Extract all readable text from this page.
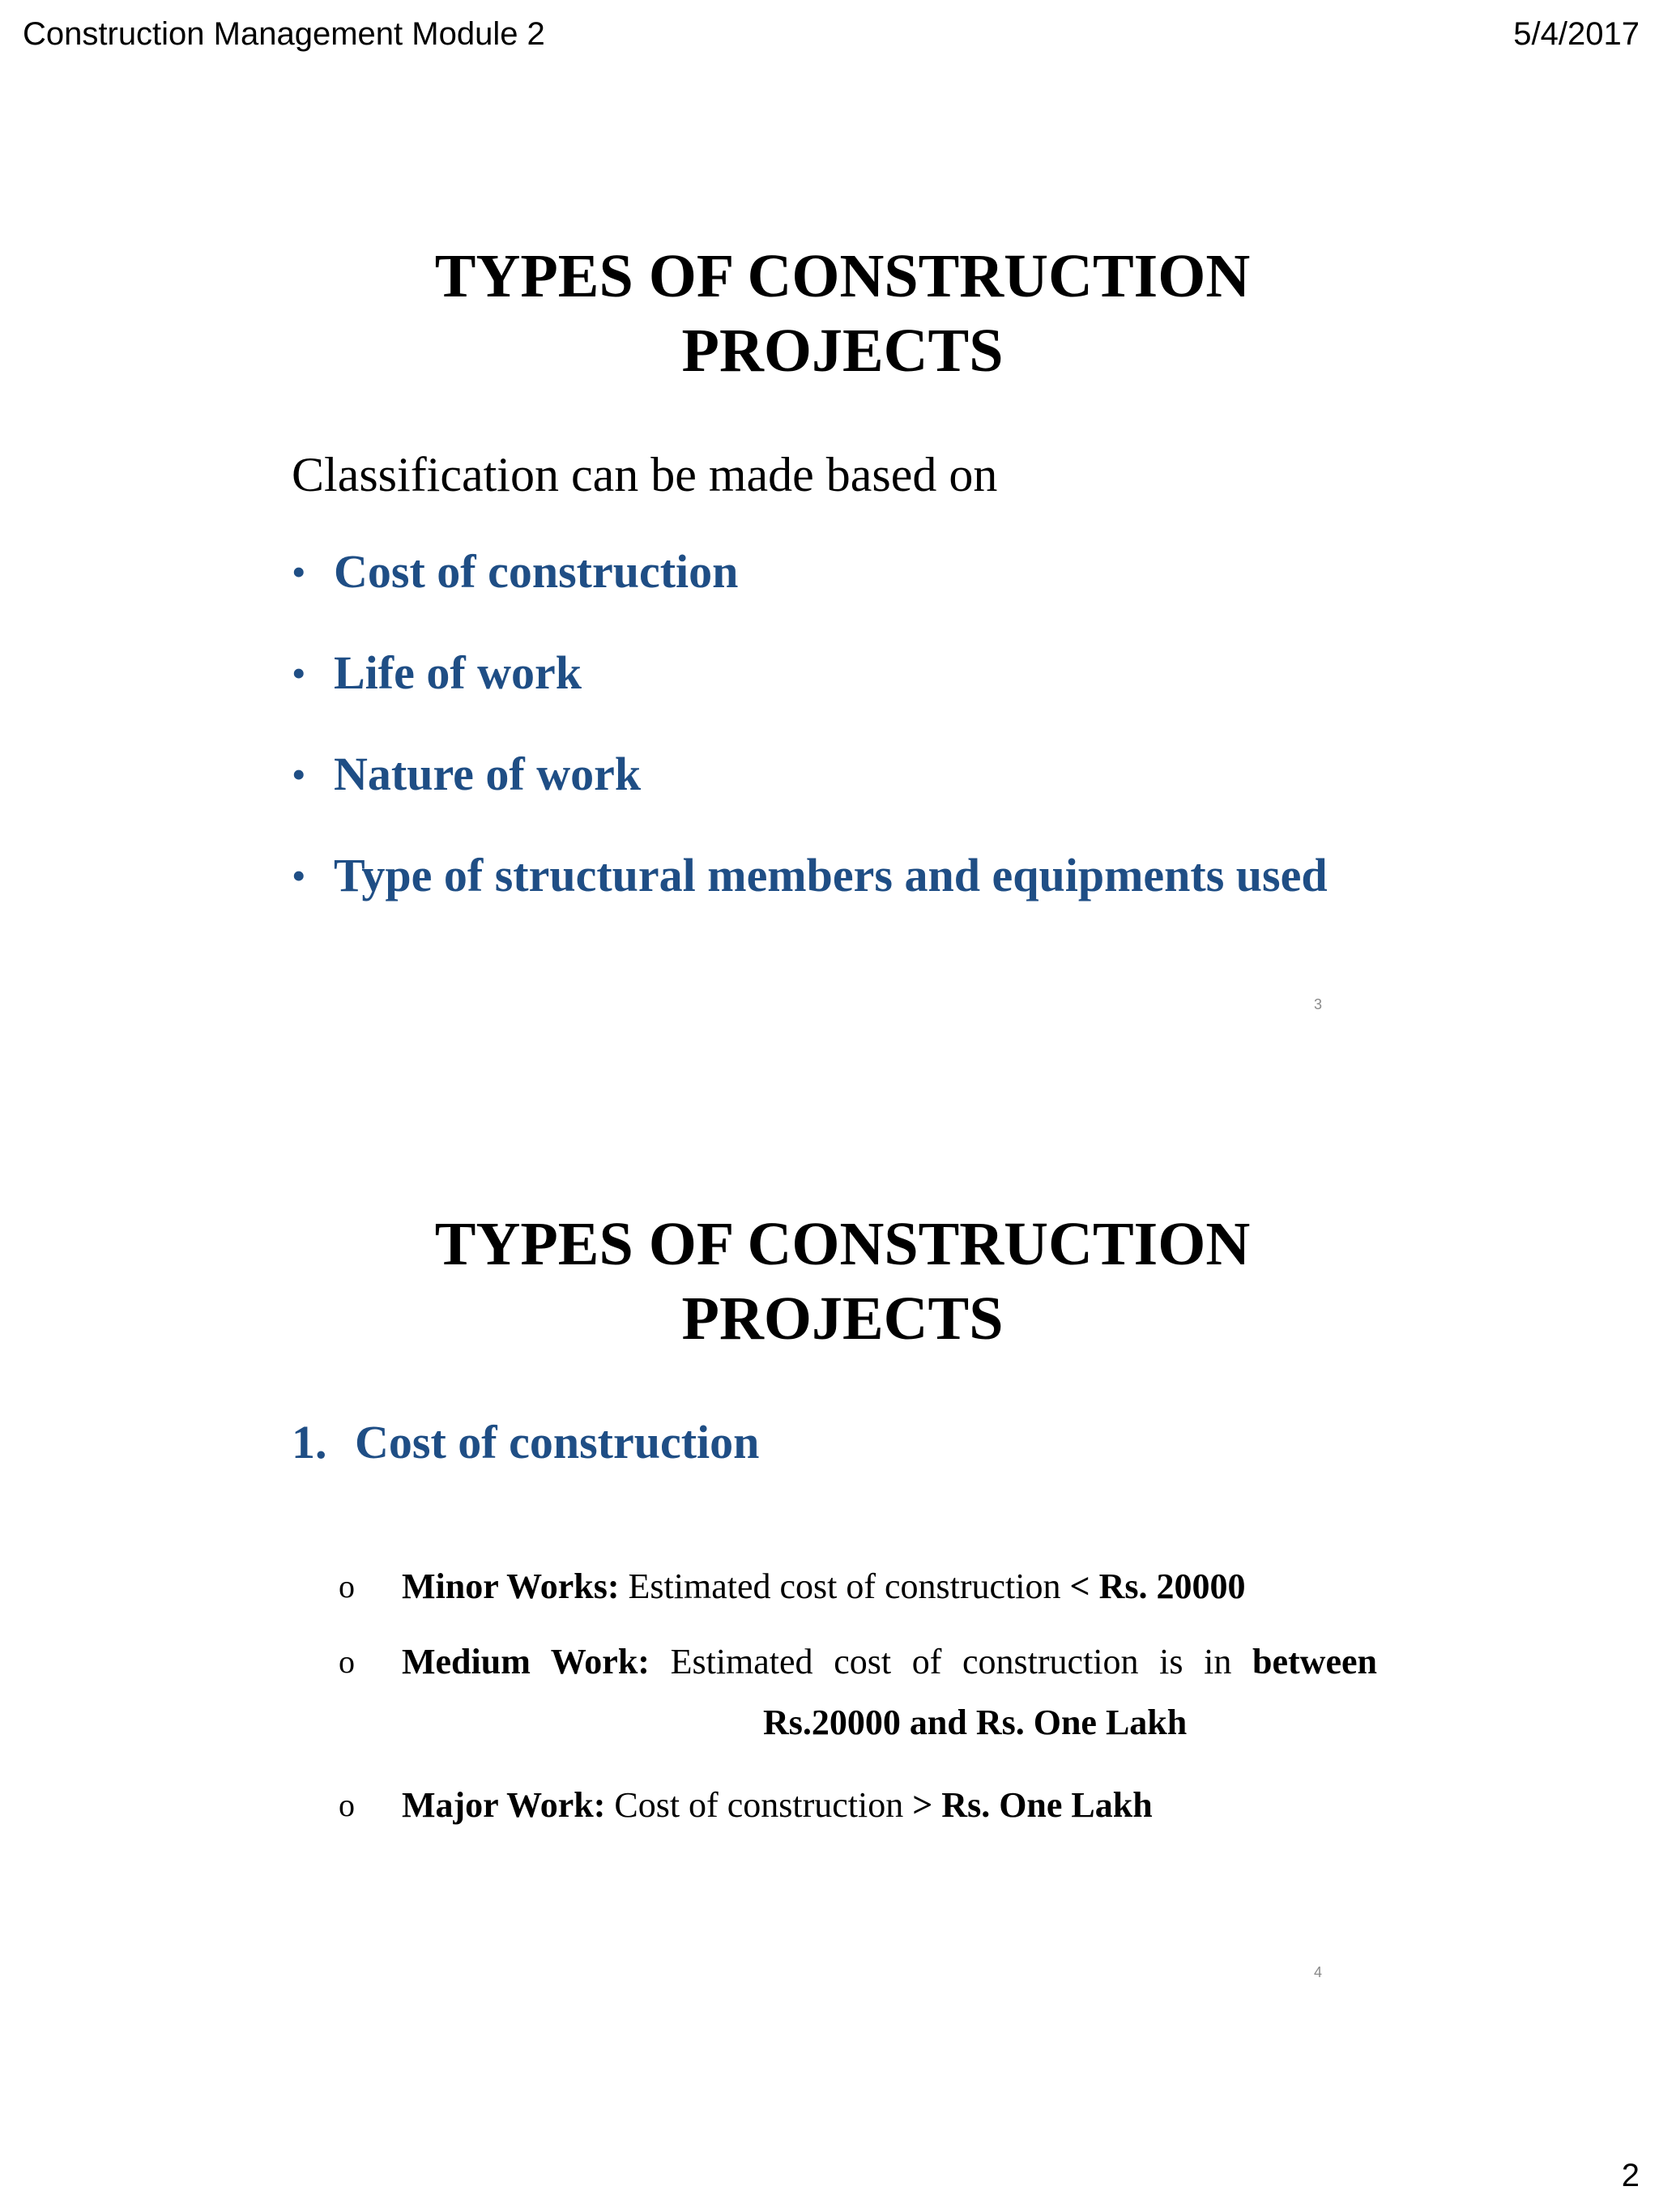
Construction Management Module 2	5/4/2017
TYPES OF CONSTRUCTION
PROJECTS
Classification can be made based on
• Cost of construction
• Life of work
• Nature of work
• Type of structural members and equipments used
3
TYPES OF CONSTRUCTION
PROJECTS
1. Cost of construction
o Minor Works: Estimated cost of construction < Rs. 20000
o Medium Work: Estimated cost of construction is in between
Rs.20000 and Rs. One Lakh
o Major Work: Cost of construction > Rs. One Lakh
4
2
